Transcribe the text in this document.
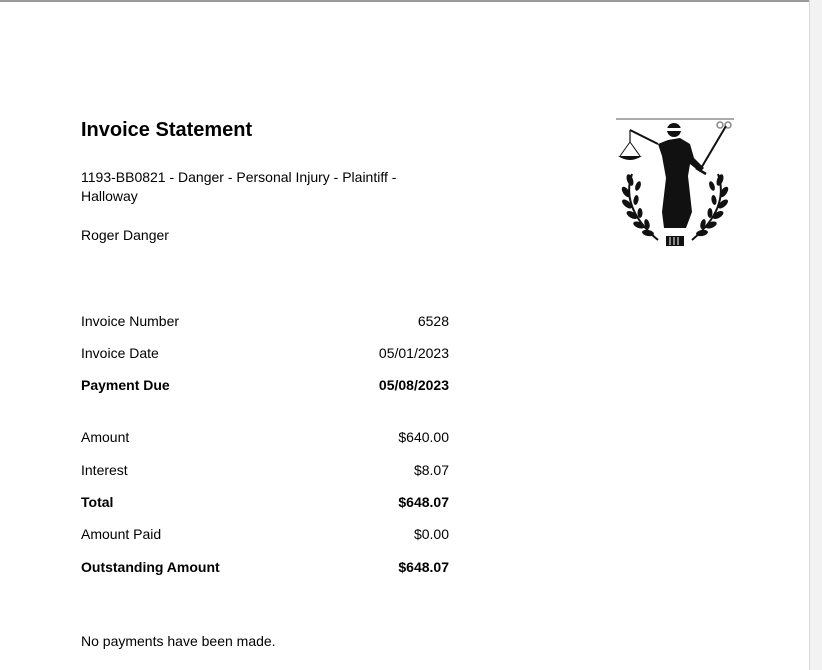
Invoice Statement
1193-BB0821 - Danger - Personal Injury - Plaintiff - Halloway
Roger Danger
Invoice Number	6528
Invoice Date	05/01/2023
Payment Due	05/08/2023
Amount	$640.00
Interest	$8.07
Total	$648.07
Amount Paid	$0.00
Outstanding Amount	$648.07
No payments have been made.
